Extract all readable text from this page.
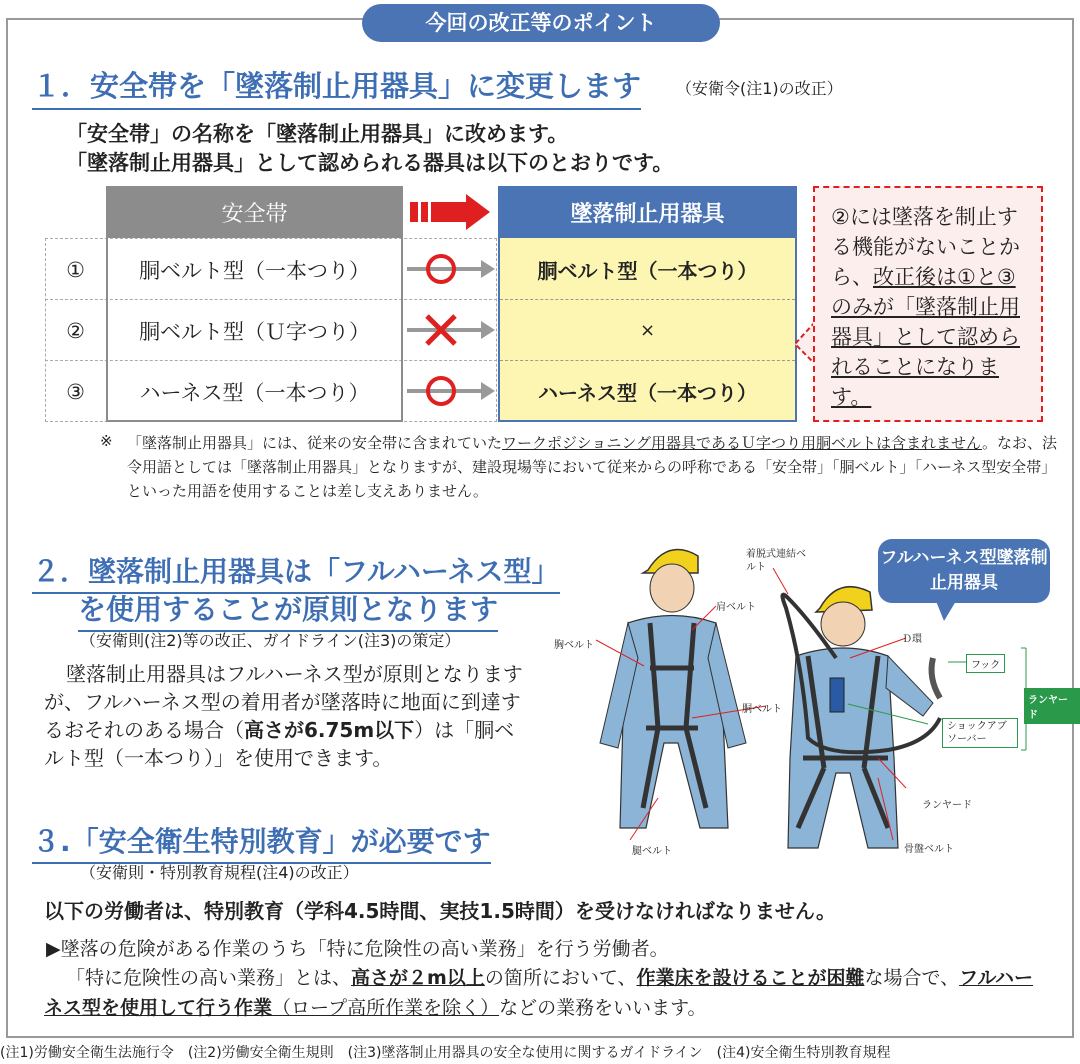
今回の改正等のポイント
１．安全帯を「墜落制止用器具」に変更します （安衛令(注1)の改正）
「安全帯」の名称を「墜落制止用器具」に改めます。
「墜落制止用器具」として認められる器具は以下のとおりです。
安全帯	墜落制止用器具
①	胴ベルト型（一本つり）	胴ベルト型（一本つり）
②	胴ベルト型（Ｕ字つり）	×
③	ハーネス型（一本つり）	ハーネス型（一本つり）
②には墜落を制止する機能がないことから、改正後は①と③のみが「墜落制止用器具」として認められることになります。
※ 「墜落制止用器具」には、従来の安全帯に含まれていたワークポジショニング用器具であるＵ字つり用胴ベルトは含まれません。なお、法令用語としては「墜落制止用器具」となりますが、建設現場等において従来からの呼称である「安全帯」「胴ベルト」「ハーネス型安全帯」といった用語を使用することは差し支えありません。
２．墜落制止用器具は「フルハーネス型」
を使用することが原則となります
（安衛則(注2)等の改正、ガイドライン(注3)の策定）
墜落制止用器具はフルハーネス型が原則となりますが、フルハーネス型の着用者が墜落時に地面に到達するおそれのある場合（高さが6.75m以下）は「胴ベルト型（一本つり）」を使用できます。
フルハーネス型墜落制止用器具
胸ベルト
肩ベルト
胴ベルト
腿ベルト
着脱式連結ベルト
Ｄ環
フック
ランヤード
ショックアブソーバー
ランヤード
骨盤ベルト
３.「安全衛生特別教育」が必要です
（安衛則・特別教育規程(注4)の改正）
以下の労働者は、特別教育（学科4.5時間、実技1.5時間）を受けなければなりません。
▶墜落の危険がある作業のうち「特に危険性の高い業務」を行う労働者。
「特に危険性の高い業務」とは、高さが２m以上の箇所において、作業床を設けることが困難な場合で、フルハーネス型を使用して行う作業（ロープ高所作業を除く）などの業務をいいます。
(注1)労働安全衛生法施行令　(注2)労働安全衛生規則　(注3)墜落制止用器具の安全な使用に関するガイドライン　(注4)安全衛生特別教育規程
